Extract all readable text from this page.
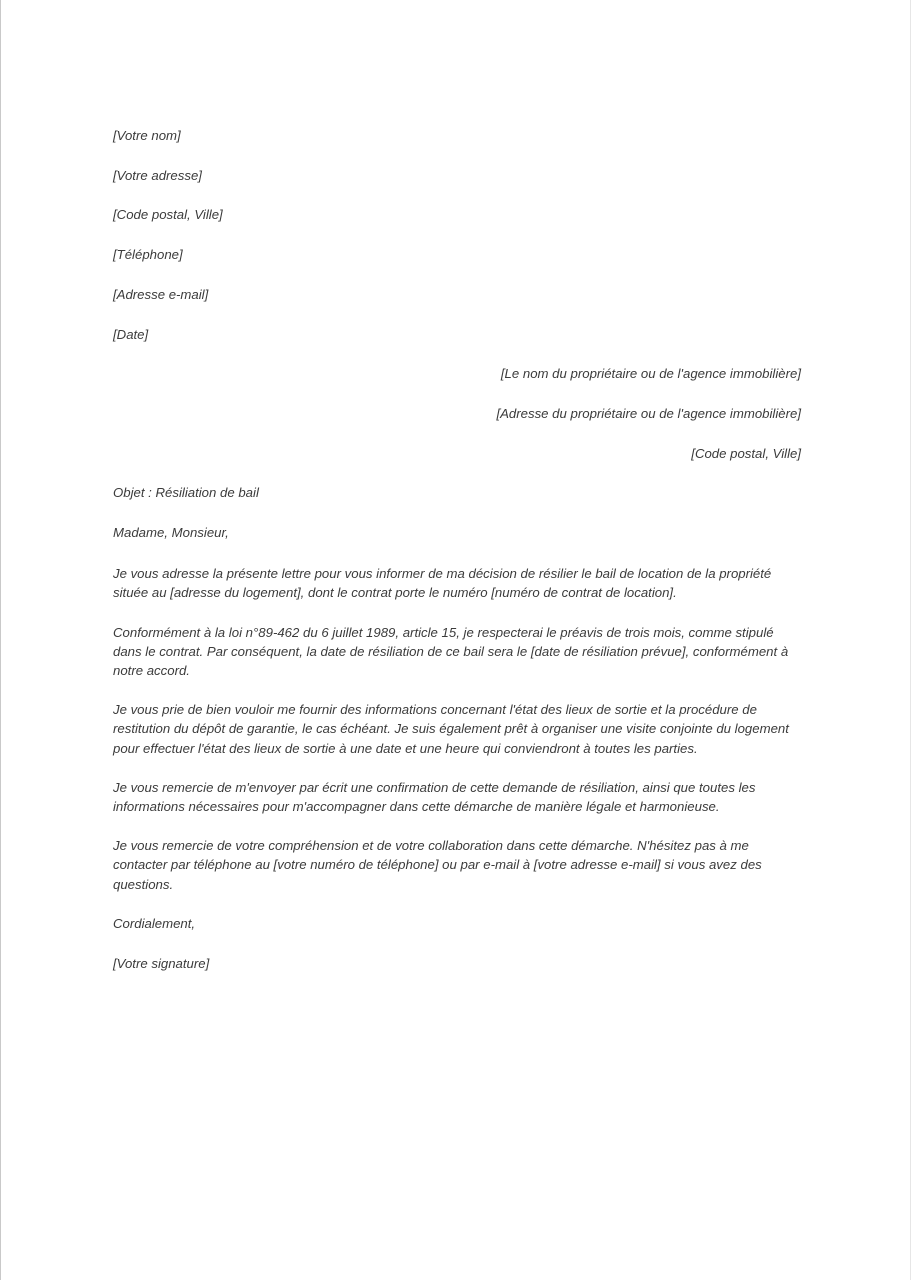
[Votre nom]

[Votre adresse]

[Code postal, Ville]

[Téléphone]

[Adresse e-mail]

[Date]

[Le nom du propriétaire ou de l'agence immobilière]

[Adresse du propriétaire ou de l'agence immobilière]

[Code postal, Ville]

Objet : Résiliation de bail

Madame, Monsieur,

Je vous adresse la présente lettre pour vous informer de ma décision de résilier le bail de location de la propriété située au [adresse du logement], dont le contrat porte le numéro [numéro de contrat de location].

Conformément à la loi n°89-462 du 6 juillet 1989, article 15, je respecterai le préavis de trois mois, comme stipulé dans le contrat. Par conséquent, la date de résiliation de ce bail sera le [date de résiliation prévue], conformément à notre accord.

Je vous prie de bien vouloir me fournir des informations concernant l'état des lieux de sortie et la procédure de restitution du dépôt de garantie, le cas échéant. Je suis également prêt à organiser une visite conjointe du logement pour effectuer l'état des lieux de sortie à une date et une heure qui conviendront à toutes les parties.

Je vous remercie de m'envoyer par écrit une confirmation de cette demande de résiliation, ainsi que toutes les informations nécessaires pour m'accompagner dans cette démarche de manière légale et harmonieuse.

Je vous remercie de votre compréhension et de votre collaboration dans cette démarche. N'hésitez pas à me contacter par téléphone au [votre numéro de téléphone] ou par e-mail à [votre adresse e-mail] si vous avez des questions.

Cordialement,

[Votre signature]
